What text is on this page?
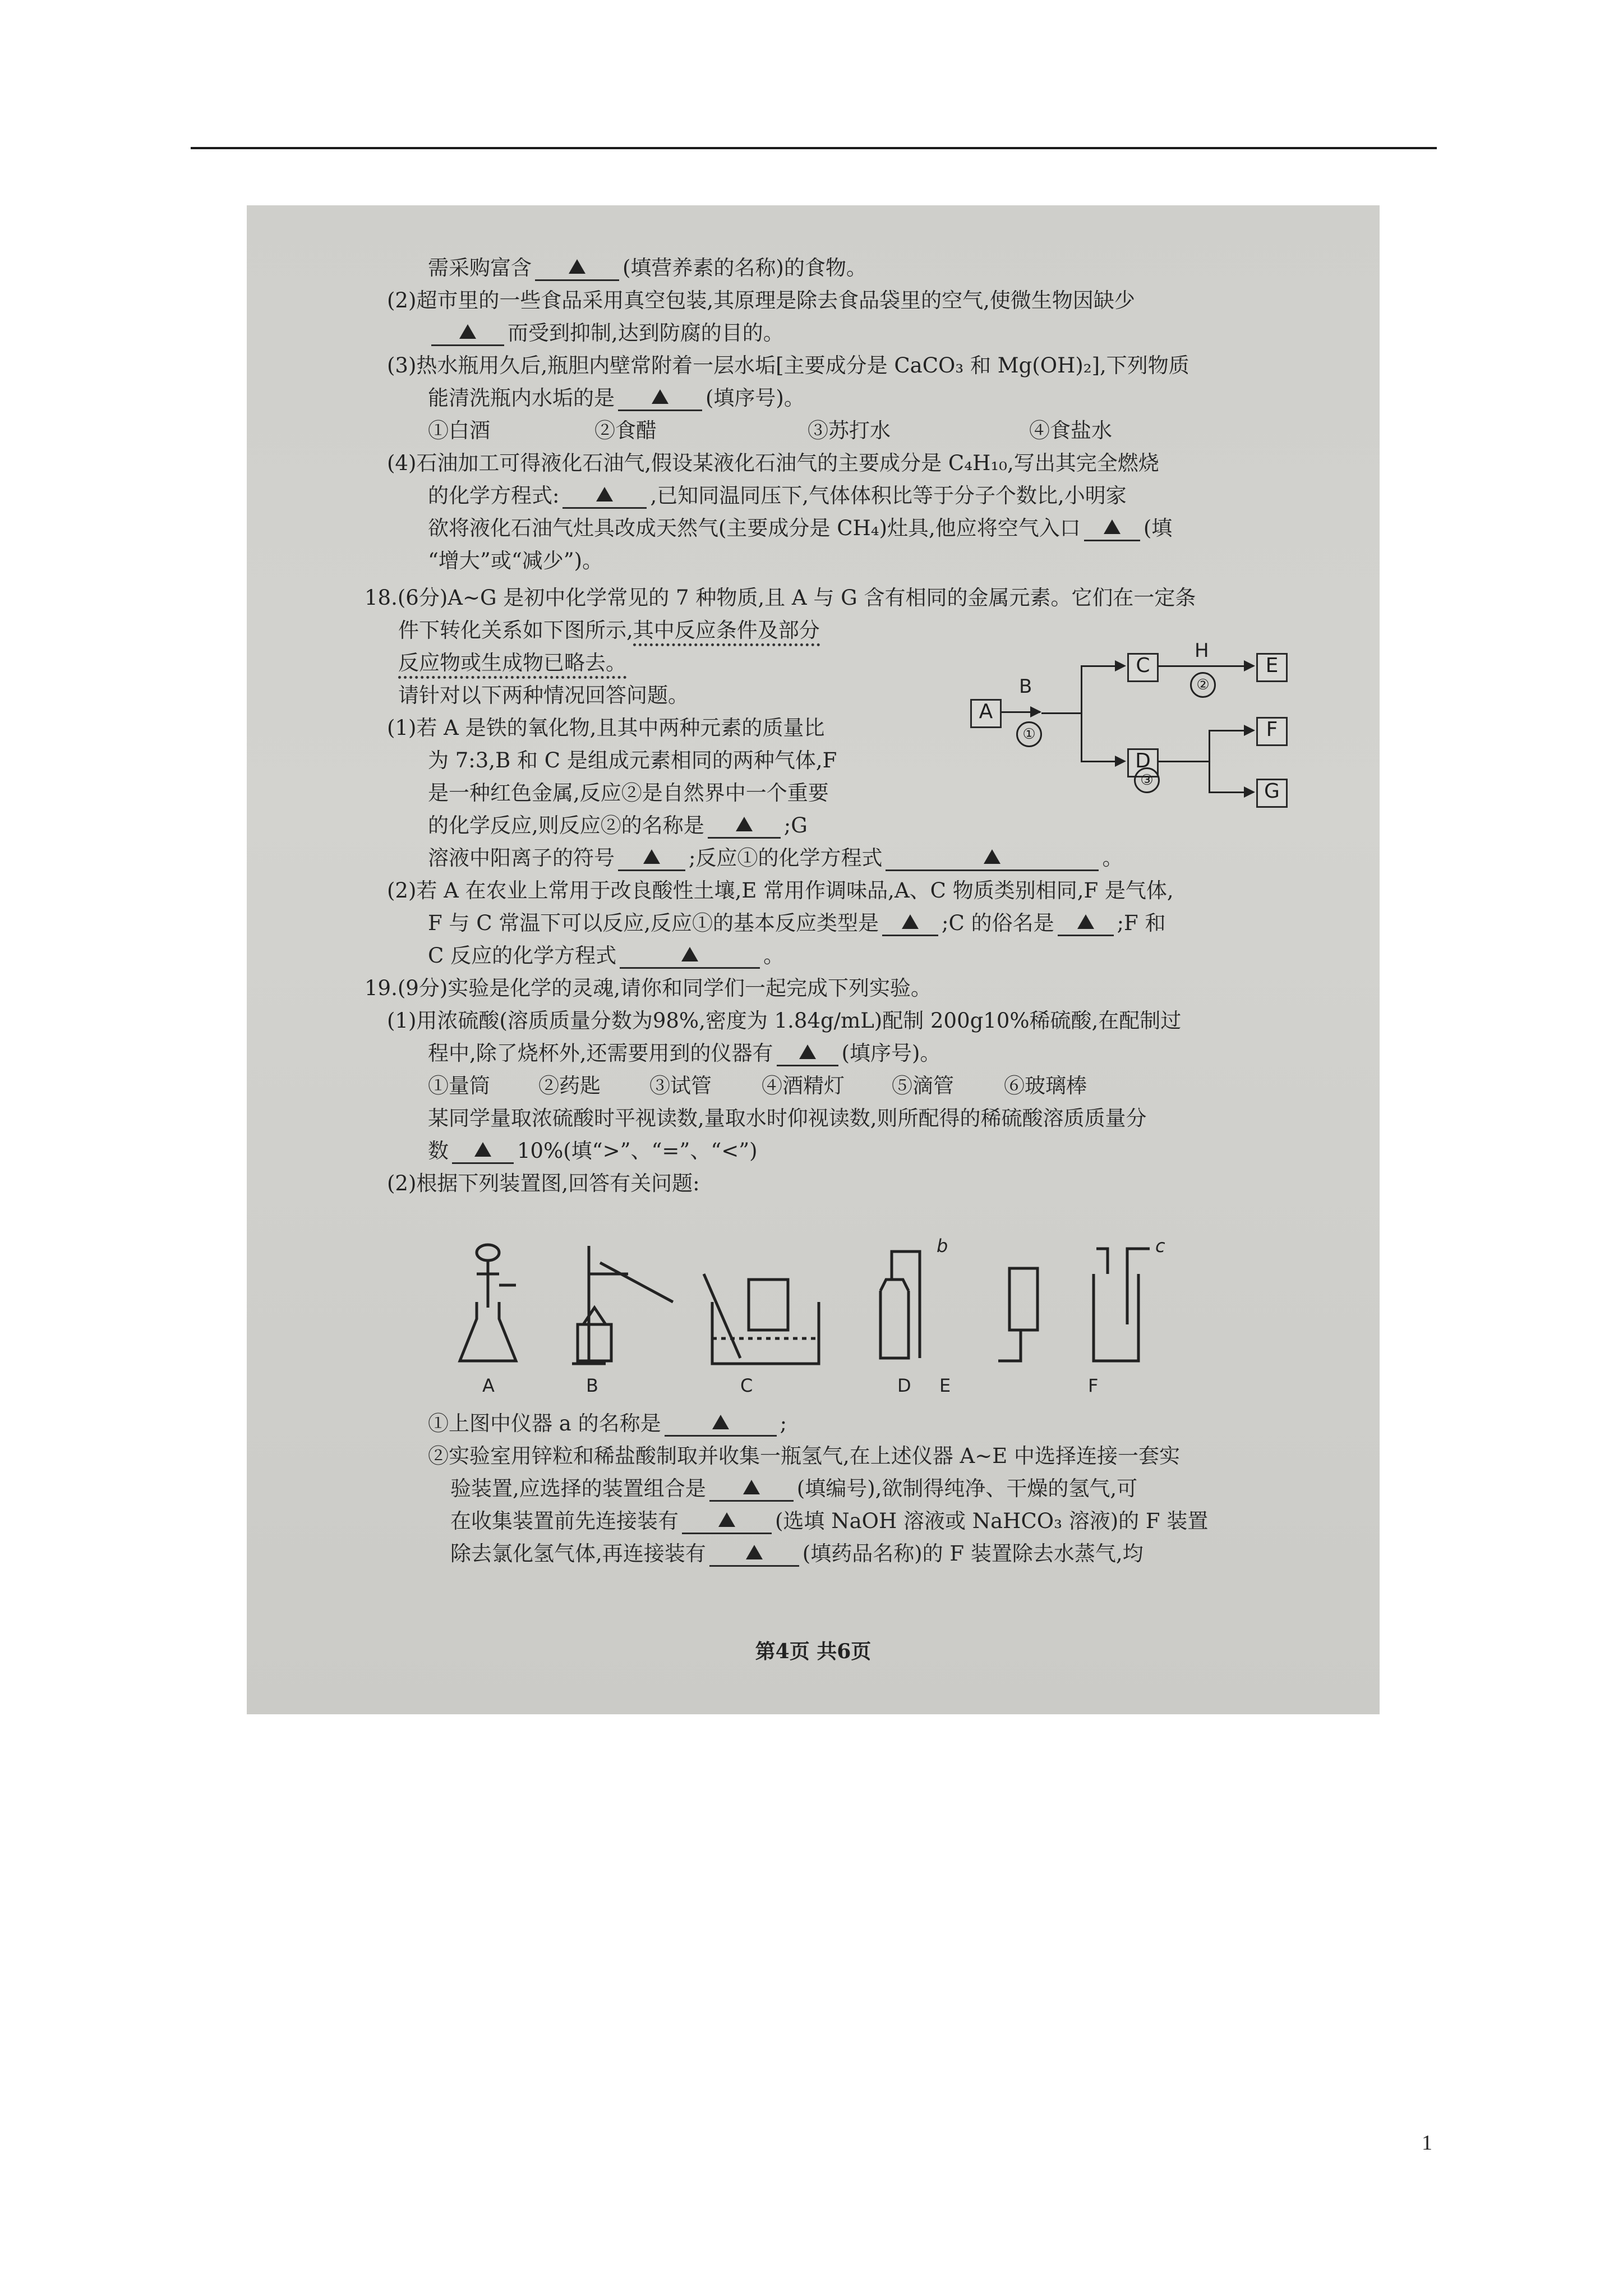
需采购富含	(填营养素的名称)的食物。
(2)超市里的一些食品采用真空包装,其原理是除去食品袋里的空气,使微生物因缺少
而受到抑制,达到防腐的目的。
(3)热水瓶用久后,瓶胆内壁常附着一层水垢[主要成分是 CaCO₃ 和 Mg(OH)₂],下列物质
能清洗瓶内水垢的是	(填序号)。
①白酒	②食醋	③苏打水	④食盐水
(4)石油加工可得液化石油气,假设某液化石油气的主要成分是 C₄H₁₀,写出其完全燃烧
的化学方程式:	,已知同温同压下,气体体积比等于分子个数比,小明家
欲将液化石油气灶具改成天然气(主要成分是 CH₄)灶具,他应将空气入口	(填
“增大”或“减少”)。
18.(6分)A~G 是初中化学常见的 7 种物质,且 A 与 G 含有相同的金属元素。它们在一定条
件下转化关系如下图所示,其中反应条件及部分
反应物或生成物已略去。
请针对以下两种情况回答问题。
(1)若 A 是铁的氧化物,且其中两种元素的质量比
为 7:3,B 和 C 是组成元素相同的两种气体,F
是一种红色金属,反应②是自然界中一个重要
的化学反应,则反应②的名称是	;G
溶液中阳离子的符号	;反应①的化学方程式	。
(2)若 A 在农业上常用于改良酸性土壤,E 常用作调味品,A、C 物质类别相同,F 是气体,
F 与 C 常温下可以反应,反应①的基本反应类型是	;C 的俗名是	;F 和
C 反应的化学方程式	。
A
B
①
C
H
②
E
D
③
F
G
19.(9分)实验是化学的灵魂,请你和同学们一起完成下列实验。
(1)用浓硫酸(溶质质量分数为98%,密度为 1.84g/mL)配制 200g10%稀硫酸,在配制过
程中,除了烧杯外,还需要用到的仪器有	(填序号)。
①量筒 ②药匙 ③试管 ④酒精灯 ⑤滴管 ⑥玻璃棒
某同学量取浓硫酸时平视读数,量取水时仰视读数,则所配得的稀硫酸溶质质量分
数	10%(填“>”、“=”、“<”)
(2)根据下列装置图,回答有关问题:
b	c
A	B	C	D E	F
①上图中仪器 a 的名称是	;
②实验室用锌粒和稀盐酸制取并收集一瓶氢气,在上述仪器 A~E 中选择连接一套实
验装置,应选择的装置组合是	(填编号),欲制得纯净、干燥的氢气,可
在收集装置前先连接装有	(选填 NaOH 溶液或 NaHCO₃ 溶液)的 F 装置
除去氯化氢气体,再连接装有	(填药品名称)的 F 装置除去水蒸气,均
第4页 共6页
1
